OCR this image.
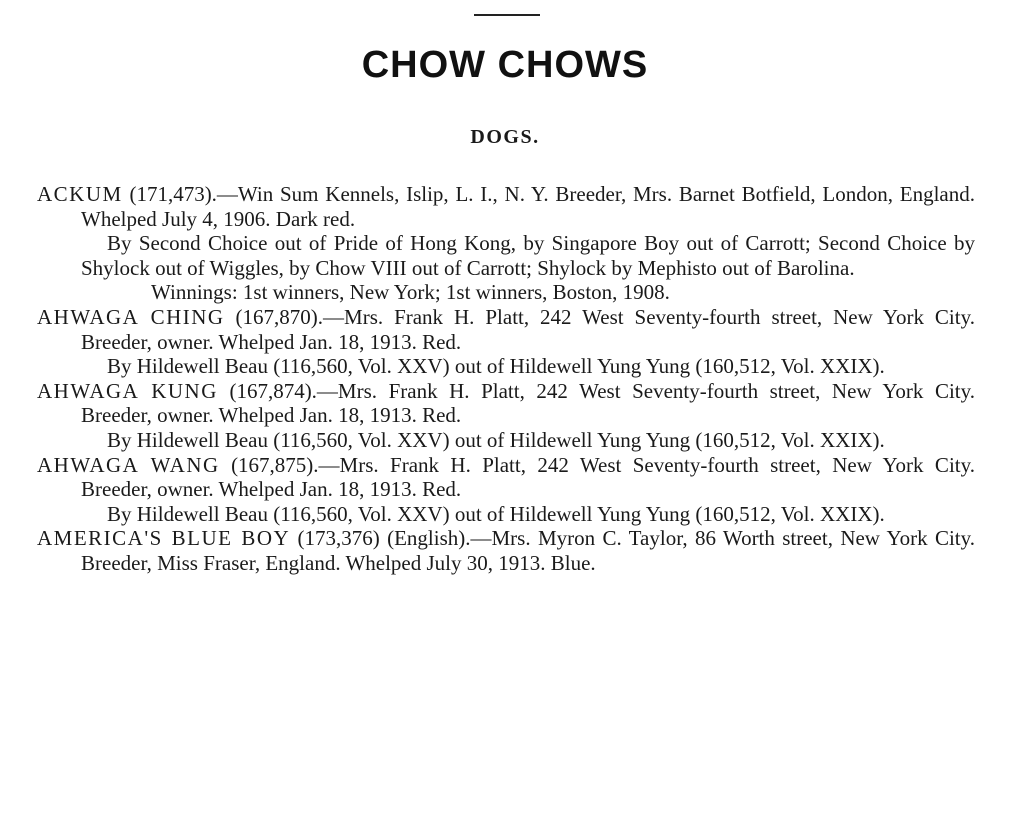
CHOW CHOWS
DOGS.

ACKUM (171,473).—Win Sum Kennels, Islip, L. I., N. Y. Breeder, Mrs. Barnet Botfield, London, England. Whelped July 4, 1906. Dark red.

By Second Choice out of Pride of Hong Kong, by Singapore Boy out of Carrott; Second Choice by Shylock out of Wiggles, by Chow VIII out of Carrott; Shylock by Mephisto out of Barolina.

Winnings: 1st winners, New York; 1st winners, Boston, 1908.

AHWAGA CHING (167,870).—Mrs. Frank H. Platt, 242 West Seventy-fourth street, New York City. Breeder, owner. Whelped Jan. 18, 1913. Red.

By Hildewell Beau (116,560, Vol. XXV) out of Hildewell Yung Yung (160,512, Vol. XXIX).

AHWAGA KUNG (167,874).—Mrs. Frank H. Platt, 242 West Seventy-fourth street, New York City. Breeder, owner. Whelped Jan. 18, 1913. Red.

By Hildewell Beau (116,560, Vol. XXV) out of Hildewell Yung Yung (160,512, Vol. XXIX).

AHWAGA WANG (167,875).—Mrs. Frank H. Platt, 242 West Seventy-fourth street, New York City. Breeder, owner. Whelped Jan. 18, 1913. Red.

By Hildewell Beau (116,560, Vol. XXV) out of Hildewell Yung Yung (160,512, Vol. XXIX).

AMERICA'S BLUE BOY (173,376) (English).—Mrs. Myron C. Taylor, 86 Worth street, New York City. Breeder, Miss Fraser, England. Whelped July 30, 1913. Blue.
